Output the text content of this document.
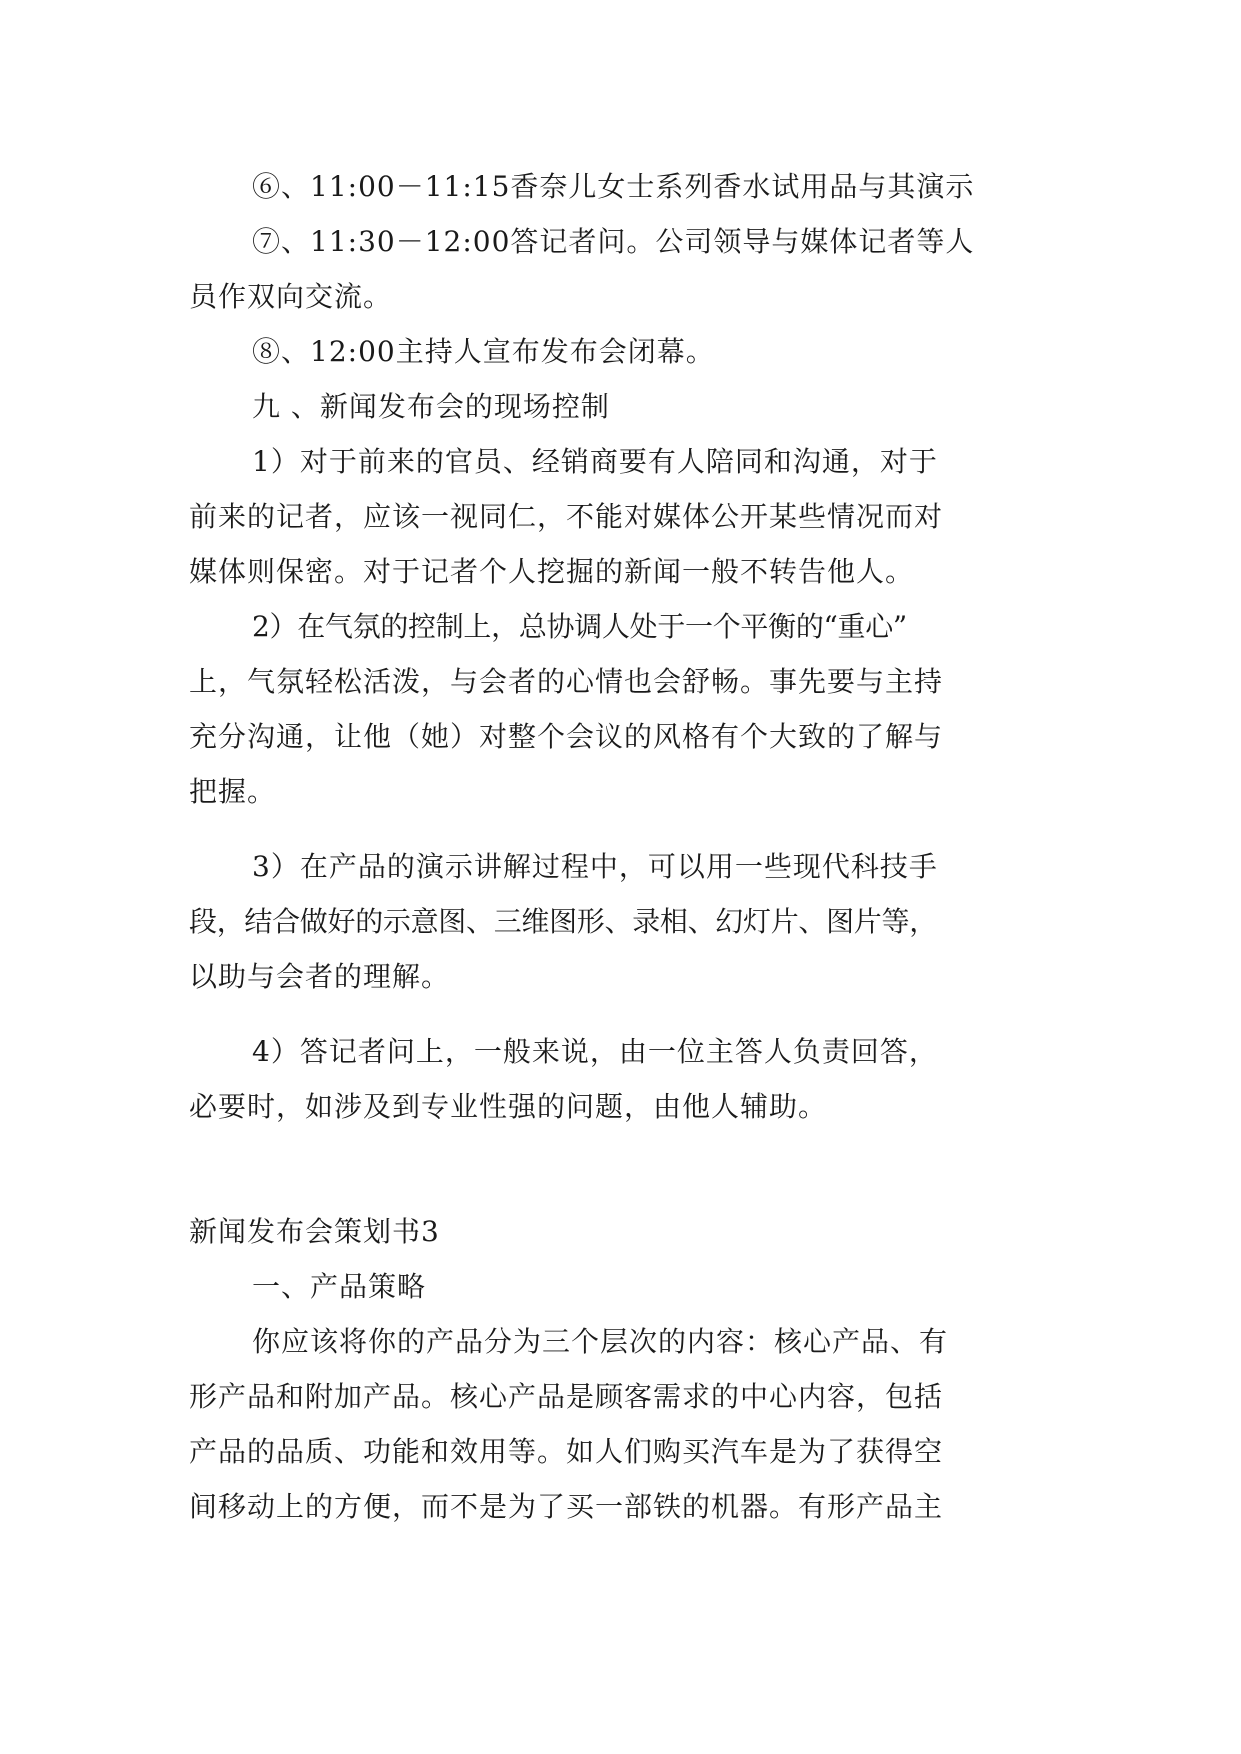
⑥、11:00－11:15香奈儿女士系列香水试用品与其演示
⑦、11:30－12:00答记者问。公司领导与媒体记者等人
员作双向交流。
⑧、12:00主持人宣布发布会闭幕。
九 、新闻发布会的现场控制
1）对于前来的官员、经销商要有人陪同和沟通，对于
前来的记者，应该一视同仁，不能对媒体公开某些情况而对
媒体则保密。对于记者个人挖掘的新闻一般不转告他人。
2）在气氛的控制上，总协调人处于一个平衡的“重心”
上，气氛轻松活泼，与会者的心情也会舒畅。事先要与主持
充分沟通，让他（她）对整个会议的风格有个大致的了解与
把握。
3）在产品的演示讲解过程中，可以用一些现代科技手
段，结合做好的示意图、三维图形、录相、幻灯片、图片等，
以助与会者的理解。
4）答记者问上，一般来说，由一位主答人负责回答，
必要时，如涉及到专业性强的问题，由他人辅助。
新闻发布会策划书3
一、产品策略
你应该将你的产品分为三个层次的内容：核心产品、有
形产品和附加产品。核心产品是顾客需求的中心内容，包括
产品的品质、功能和效用等。如人们购买汽车是为了获得空
间移动上的方便，而不是为了买一部铁的机器。有形产品主
